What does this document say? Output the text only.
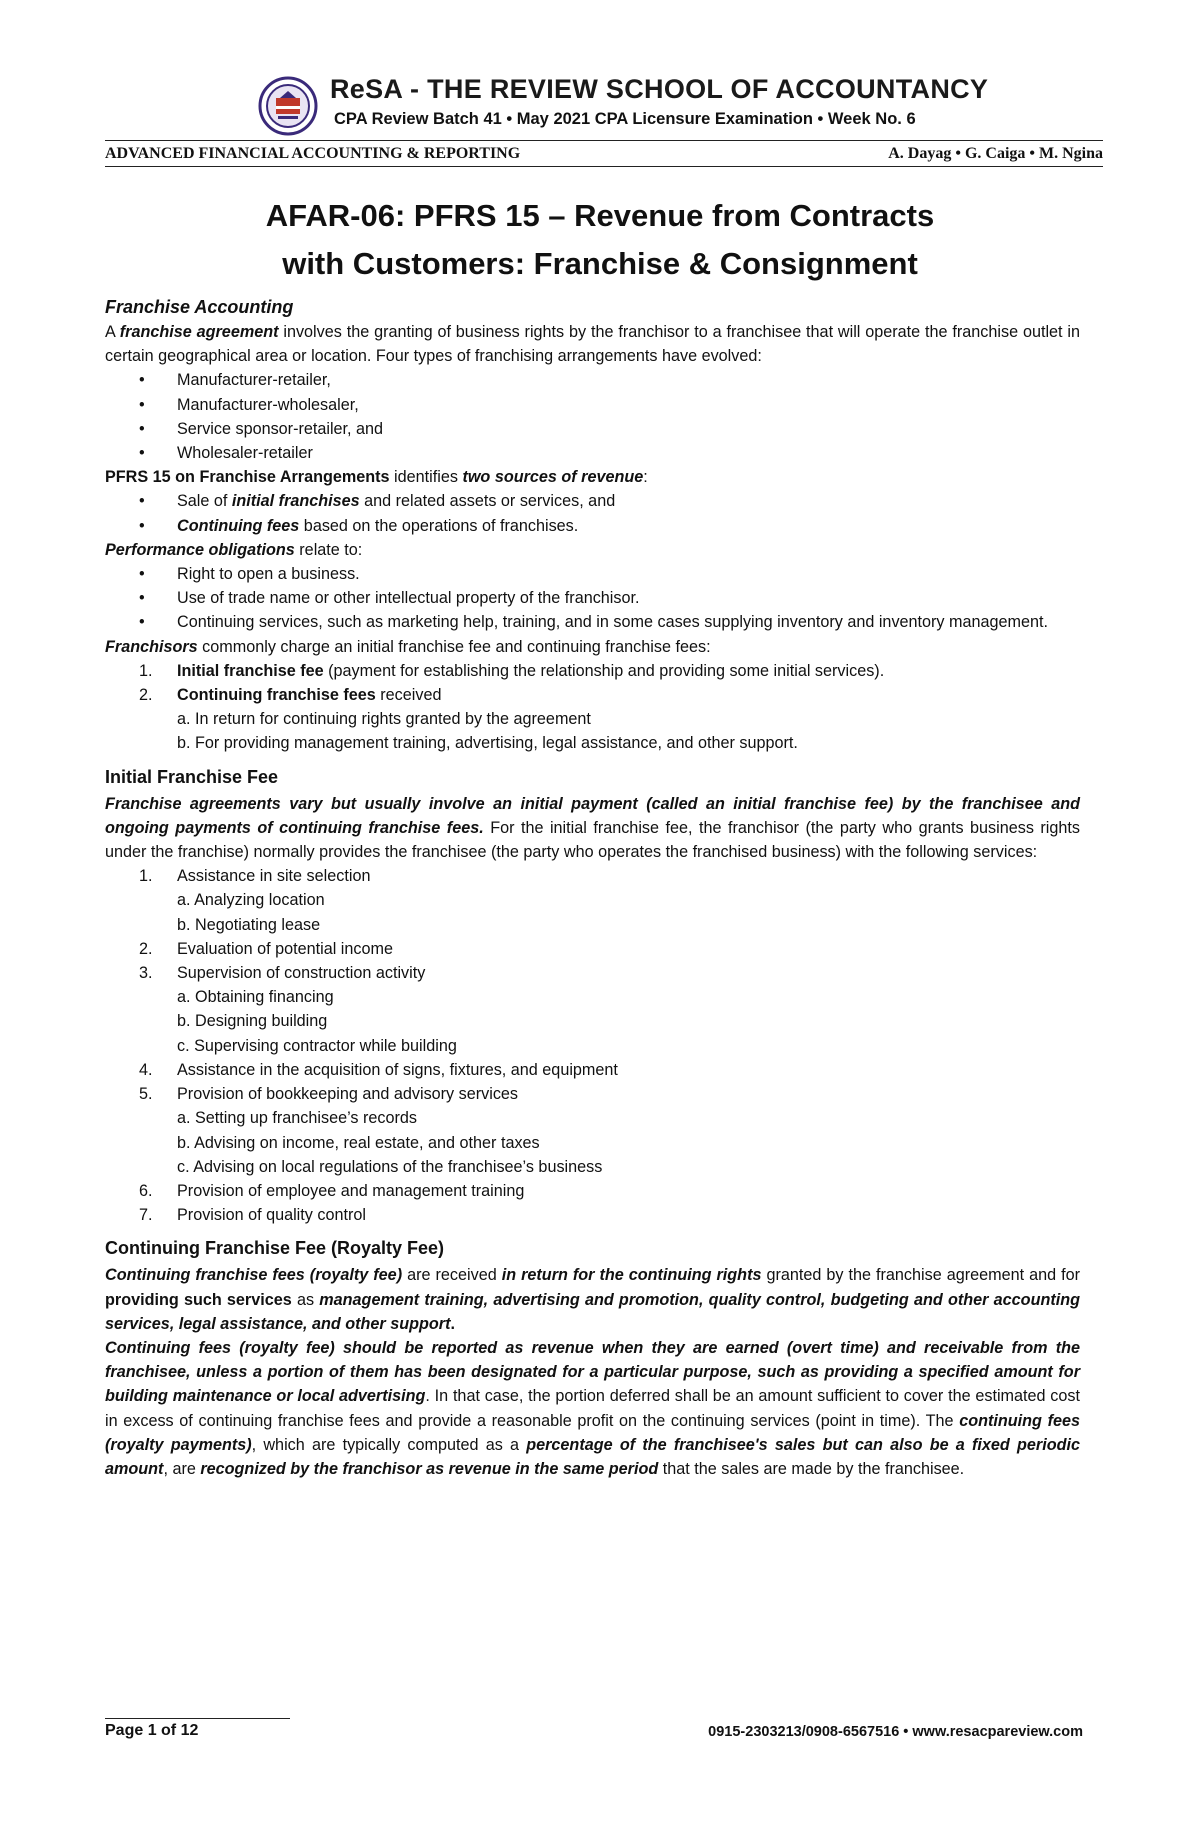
ReSA - THE REVIEW SCHOOL OF ACCOUNTANCY
CPA Review Batch 41 • May 2021 CPA Licensure Examination • Week No. 6
ADVANCED FINANCIAL ACCOUNTING & REPORTING	A. Dayag • G. Caiga • M. Ngina
AFAR-06: PFRS 15 – Revenue from Contracts
with Customers: Franchise & Consignment
Franchise Accounting

A franchise agreement involves the granting of business rights by the franchisor to a franchisee that will operate the franchise outlet in certain geographical area or location. Four types of franchising arrangements have evolved:

• Manufacturer-retailer,
• Manufacturer-wholesaler,
• Service sponsor-retailer, and
• Wholesaler-retailer

PFRS 15 on Franchise Arrangements identifies two sources of revenue:

• Sale of initial franchises and related assets or services, and
• Continuing fees based on the operations of franchises.

Performance obligations relate to:

• Right to open a business.
• Use of trade name or other intellectual property of the franchisor.
• Continuing services, such as marketing help, training, and in some cases supplying inventory and inventory management.

Franchisors commonly charge an initial franchise fee and continuing franchise fees:

1. Initial franchise fee (payment for establishing the relationship and providing some initial services).
2. Continuing franchise fees received
a. In return for continuing rights granted by the agreement
b. For providing management training, advertising, legal assistance, and other support.
Initial Franchise Fee

Franchise agreements vary but usually involve an initial payment (called an initial franchise fee) by the franchisee and ongoing payments of continuing franchise fees. For the initial franchise fee, the franchisor (the party who grants business rights under the franchise) normally provides the franchisee (the party who operates the franchised business) with the following services:

1. Assistance in site selection
a. Analyzing location
b. Negotiating lease
2. Evaluation of potential income
3. Supervision of construction activity
a. Obtaining financing
b. Designing building
c. Supervising contractor while building
4. Assistance in the acquisition of signs, fixtures, and equipment
5. Provision of bookkeeping and advisory services
a. Setting up franchisee’s records
b. Advising on income, real estate, and other taxes
c. Advising on local regulations of the franchisee’s business
6. Provision of employee and management training
7. Provision of quality control
Continuing Franchise Fee (Royalty Fee)

Continuing franchise fees (royalty fee) are received in return for the continuing rights granted by the franchise agreement and for providing such services as management training, advertising and promotion, quality control, budgeting and other accounting services, legal assistance, and other support.

Continuing fees (royalty fee) should be reported as revenue when they are earned (overt time) and receivable from the franchisee, unless a portion of them has been designated for a particular purpose, such as providing a specified amount for building maintenance or local advertising. In that case, the portion deferred shall be an amount sufficient to cover the estimated cost in excess of continuing franchise fees and provide a reasonable profit on the continuing services (point in time). The continuing fees (royalty payments), which are typically computed as a percentage of the franchisee's sales but can also be a fixed periodic amount, are recognized by the franchisor as revenue in the same period that the sales are made by the franchisee.

Page 1 of 12	0915-2303213/0908-6567516 • www.resacpareview.com
